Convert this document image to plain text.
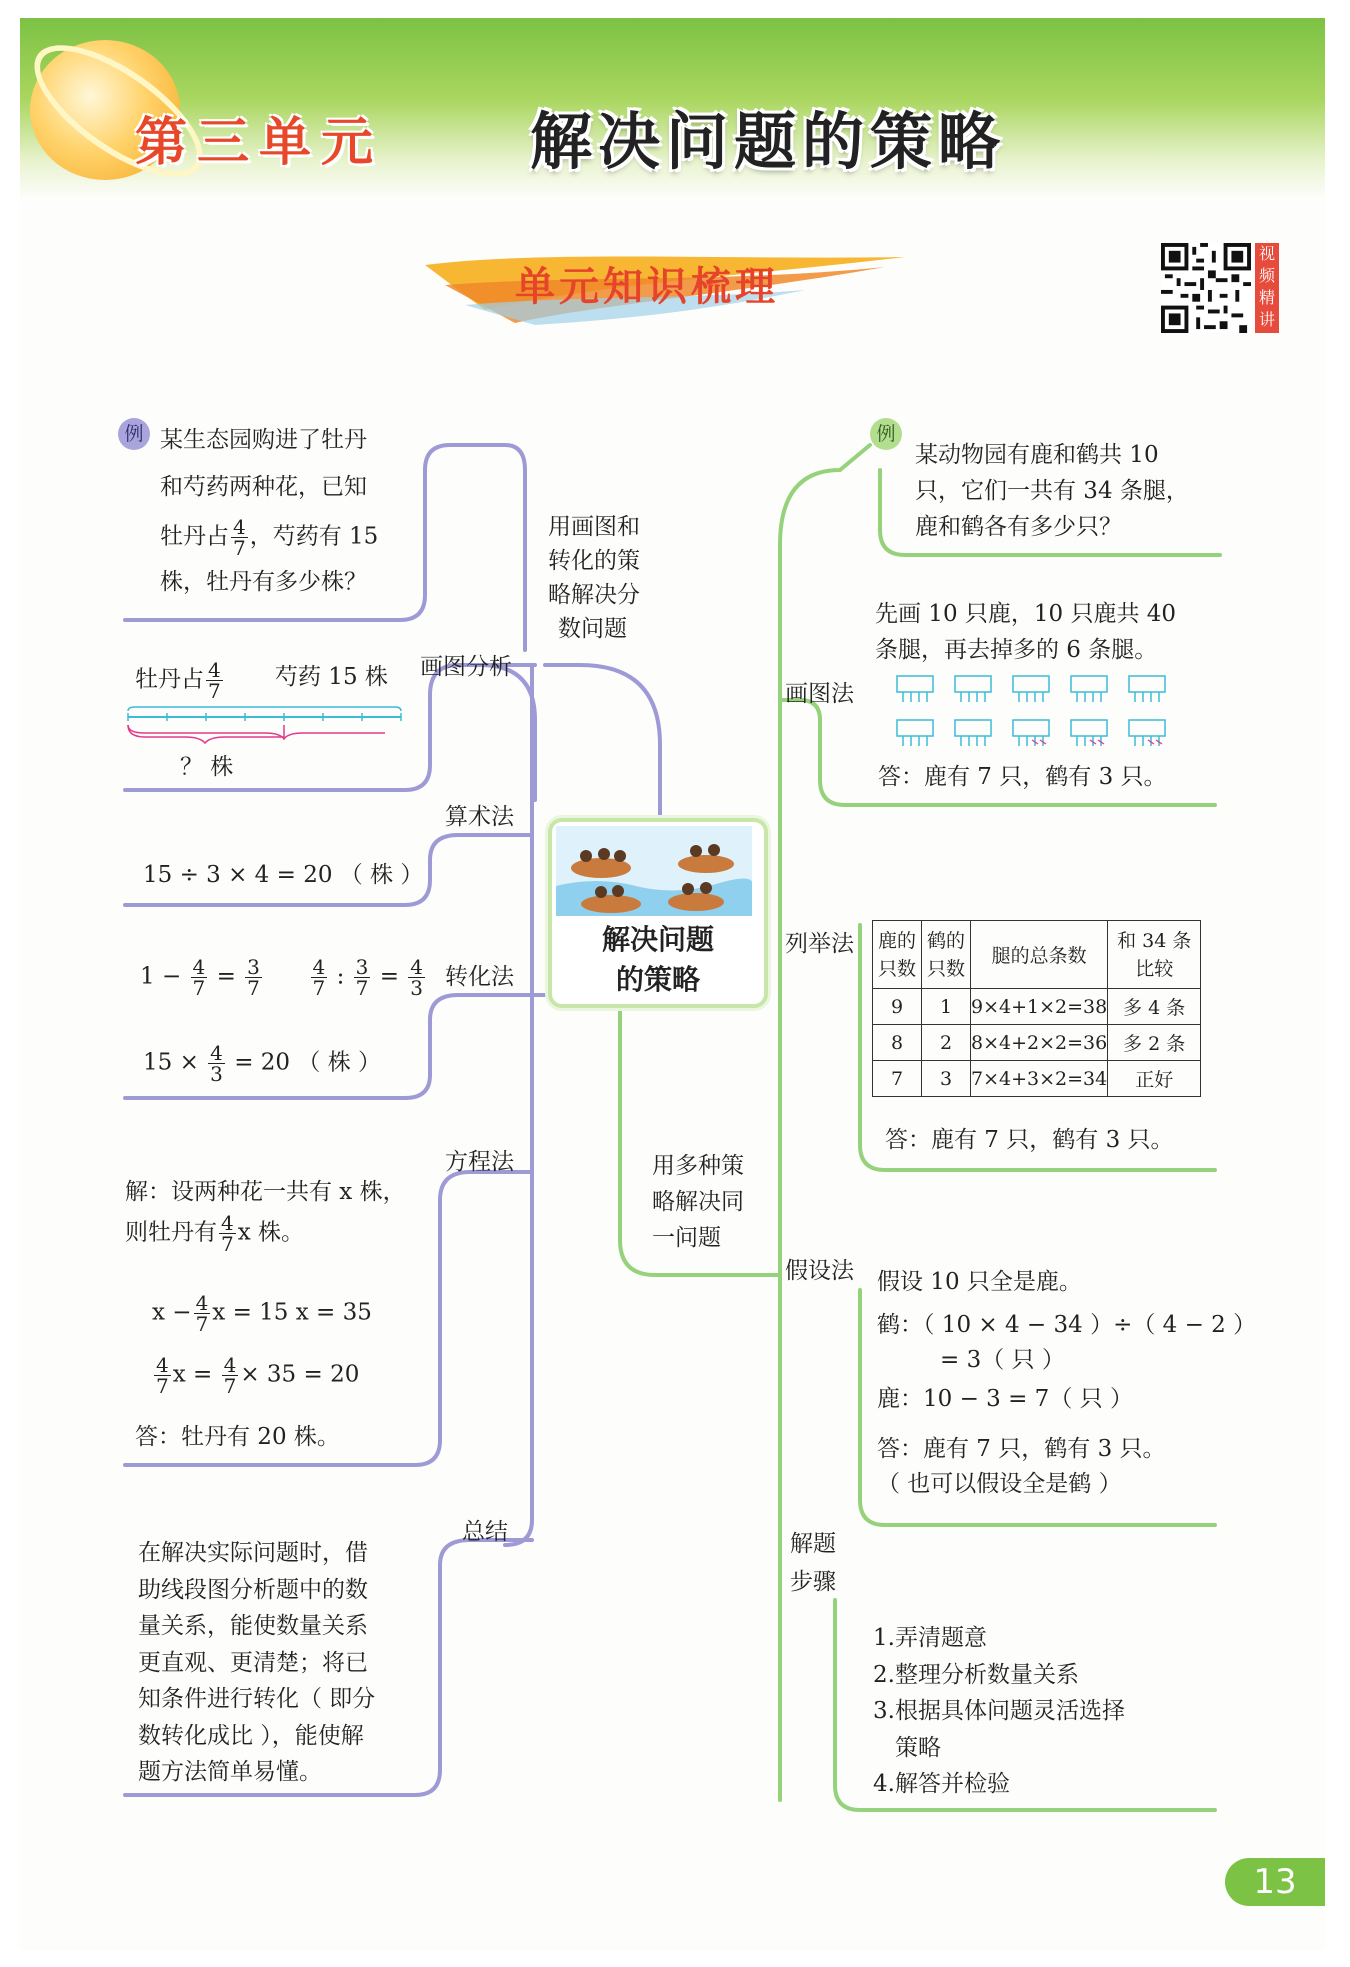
第三单元 解决问题的策略
单元知识梳理
视频精讲
解决问题
的策略
用画图和
转化的策
略解决分
数问题
例 某生态园购进了牡丹
和芍药两种花，已知
牡丹占 $\frac{4}{7}$ ，芍药有 15
株，牡丹有多少株？
画图分析
牡丹占 $\frac{4}{7}$ 芍药 15 株
？ 株
算术法
15 ÷ 3 × 4 = 20 （ 株 ）
转化法
$1 - \frac{4}{7} = \frac{3}{7}$
$\frac{4}{7}$ : $\frac{3}{7} = \frac{4}{3}$
$15 \times \frac{4}{3} = 20$ （ 株 ）
方程法
解：设两种花一共有 x 株，
则牡丹有 $\frac{4}{7}$ x 株。
$x - \frac{4}{7}$ x = 15 x = 35
$\frac{4}{7}$ $x = \frac{4}{7} \times 35 = 20$
答：牡丹有 20 株。
总结
在解决实际问题时，借
助线段图分析题中的数
量关系，能使数量关系
更直观、更清楚；将已
知条件进行转化（ 即分
数转化成比 ），能使解
题方法简单易懂。
用多种策
略解决同
一问题
例
某动物园有鹿和鹤共 10
只，它们一共有 34 条腿，
鹿和鹤各有多少只？
画图法
先画 10 只鹿，10 只鹿共 40
条腿，再去掉多的 6 条腿。
答：鹿有 7 只，鹤有 3 只。
列举法 鹿的
只数	鹤的
只数	腿的总条数	和 34 条
比较
9	1	9×4+1×2=38	多 4 条
8	2	8×4+2×2=36	多 2 条
7	3	7×4+3×2=34	正好
答：鹿有 7 只，鹤有 3 只。
假设法 假设 10 只全是鹿。
鹤：（ 10 × 4 − 34 ）÷（ 4 − 2 ）
= 3（ 只 ）
鹿：10 − 3 = 7（ 只 ）
答：鹿有 7 只，鹤有 3 只。
（ 也可以假设全是鹤 ）
解题
步骤
1.弄清题意
2.整理分析数量关系
3.根据具体问题灵活选择
策略
4.解答并检验
13
